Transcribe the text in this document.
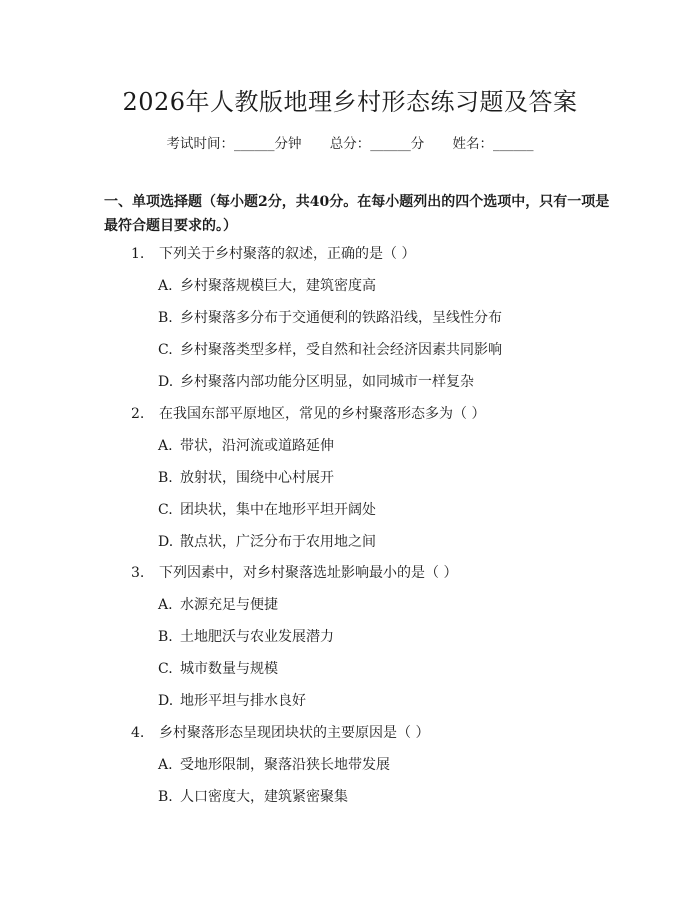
2026年人教版地理乡村形态练习题及答案
考试时间：______分钟 总分：______分 姓名：______
一、单项选择题（每小题2分，共40分。在每小题列出的四个选项中，只有一项是最符合题目要求的。）
1. 下列关于乡村聚落的叙述，正确的是（ ）
A. 乡村聚落规模巨大，建筑密度高
B. 乡村聚落多分布于交通便利的铁路沿线，呈线性分布
C. 乡村聚落类型多样，受自然和社会经济因素共同影响
D. 乡村聚落内部功能分区明显，如同城市一样复杂
2. 在我国东部平原地区，常见的乡村聚落形态多为（ ）
A. 带状，沿河流或道路延伸
B. 放射状，围绕中心村展开
C. 团块状，集中在地形平坦开阔处
D. 散点状，广泛分布于农用地之间
3. 下列因素中，对乡村聚落选址影响最小的是（ ）
A. 水源充足与便捷
B. 土地肥沃与农业发展潜力
C. 城市数量与规模
D. 地形平坦与排水良好
4. 乡村聚落形态呈现团块状的主要原因是（ ）
A. 受地形限制，聚落沿狭长地带发展
B. 人口密度大，建筑紧密聚集
